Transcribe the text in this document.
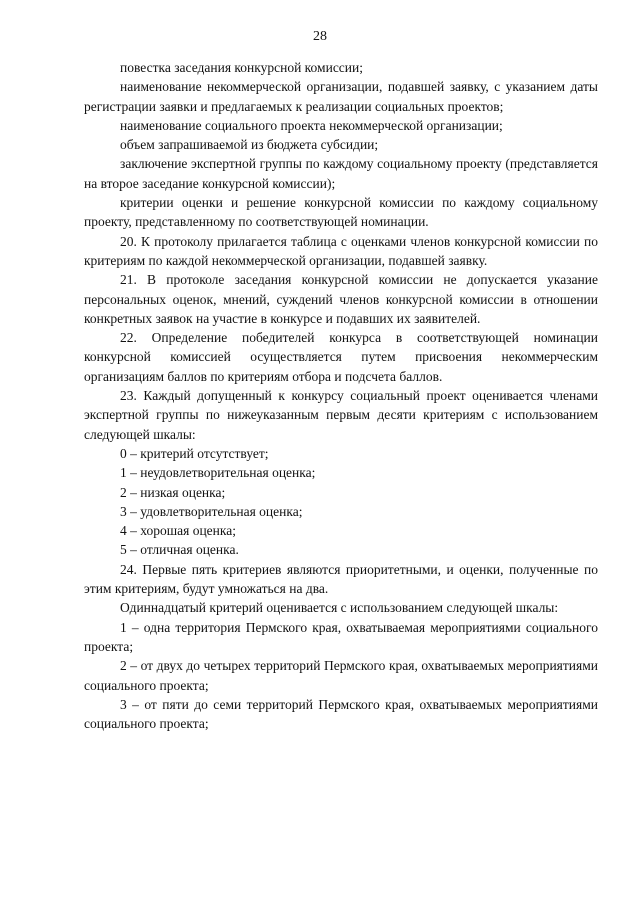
28

повестка заседания конкурсной комиссии;

наименование некоммерческой организации, подавшей заявку, с указанием даты регистрации заявки и предлагаемых к реализации социальных проектов;

наименование социального проекта некоммерческой организации;

объем запрашиваемой из бюджета субсидии;

заключение экспертной группы по каждому социальному проекту (представляется на второе заседание конкурсной комиссии);

критерии оценки и решение конкурсной комиссии по каждому социальному проекту, представленному по соответствующей номинации.

20. К протоколу прилагается таблица с оценками членов конкурсной комиссии по критериям по каждой некоммерческой организации, подавшей заявку.

21. В протоколе заседания конкурсной комиссии не допускается указание персональных оценок, мнений, суждений членов конкурсной комиссии в отношении конкретных заявок на участие в конкурсе и подавших их заявителей.

22. Определение победителей конкурса в соответствующей номинации конкурсной комиссией осуществляется путем присвоения некоммерческим организациям баллов по критериям отбора и подсчета баллов.

23. Каждый допущенный к конкурсу социальный проект оценивается членами экспертной группы по нижеуказанным первым десяти критериям с использованием следующей шкалы:

0 – критерий отсутствует;

1 – неудовлетворительная оценка;

2 – низкая оценка;

3 – удовлетворительная оценка;

4 – хорошая оценка;

5 – отличная оценка.

24. Первые пять критериев являются приоритетными, и оценки, полученные по этим критериям, будут умножаться на два.

Одиннадцатый критерий оценивается с использованием следующей шкалы:

1 – одна территория Пермского края, охватываемая мероприятиями социального проекта;

2 – от двух до четырех территорий Пермского края, охватываемых мероприятиями социального проекта;

3 – от пяти до семи территорий Пермского края, охватываемых мероприятиями социального проекта;
